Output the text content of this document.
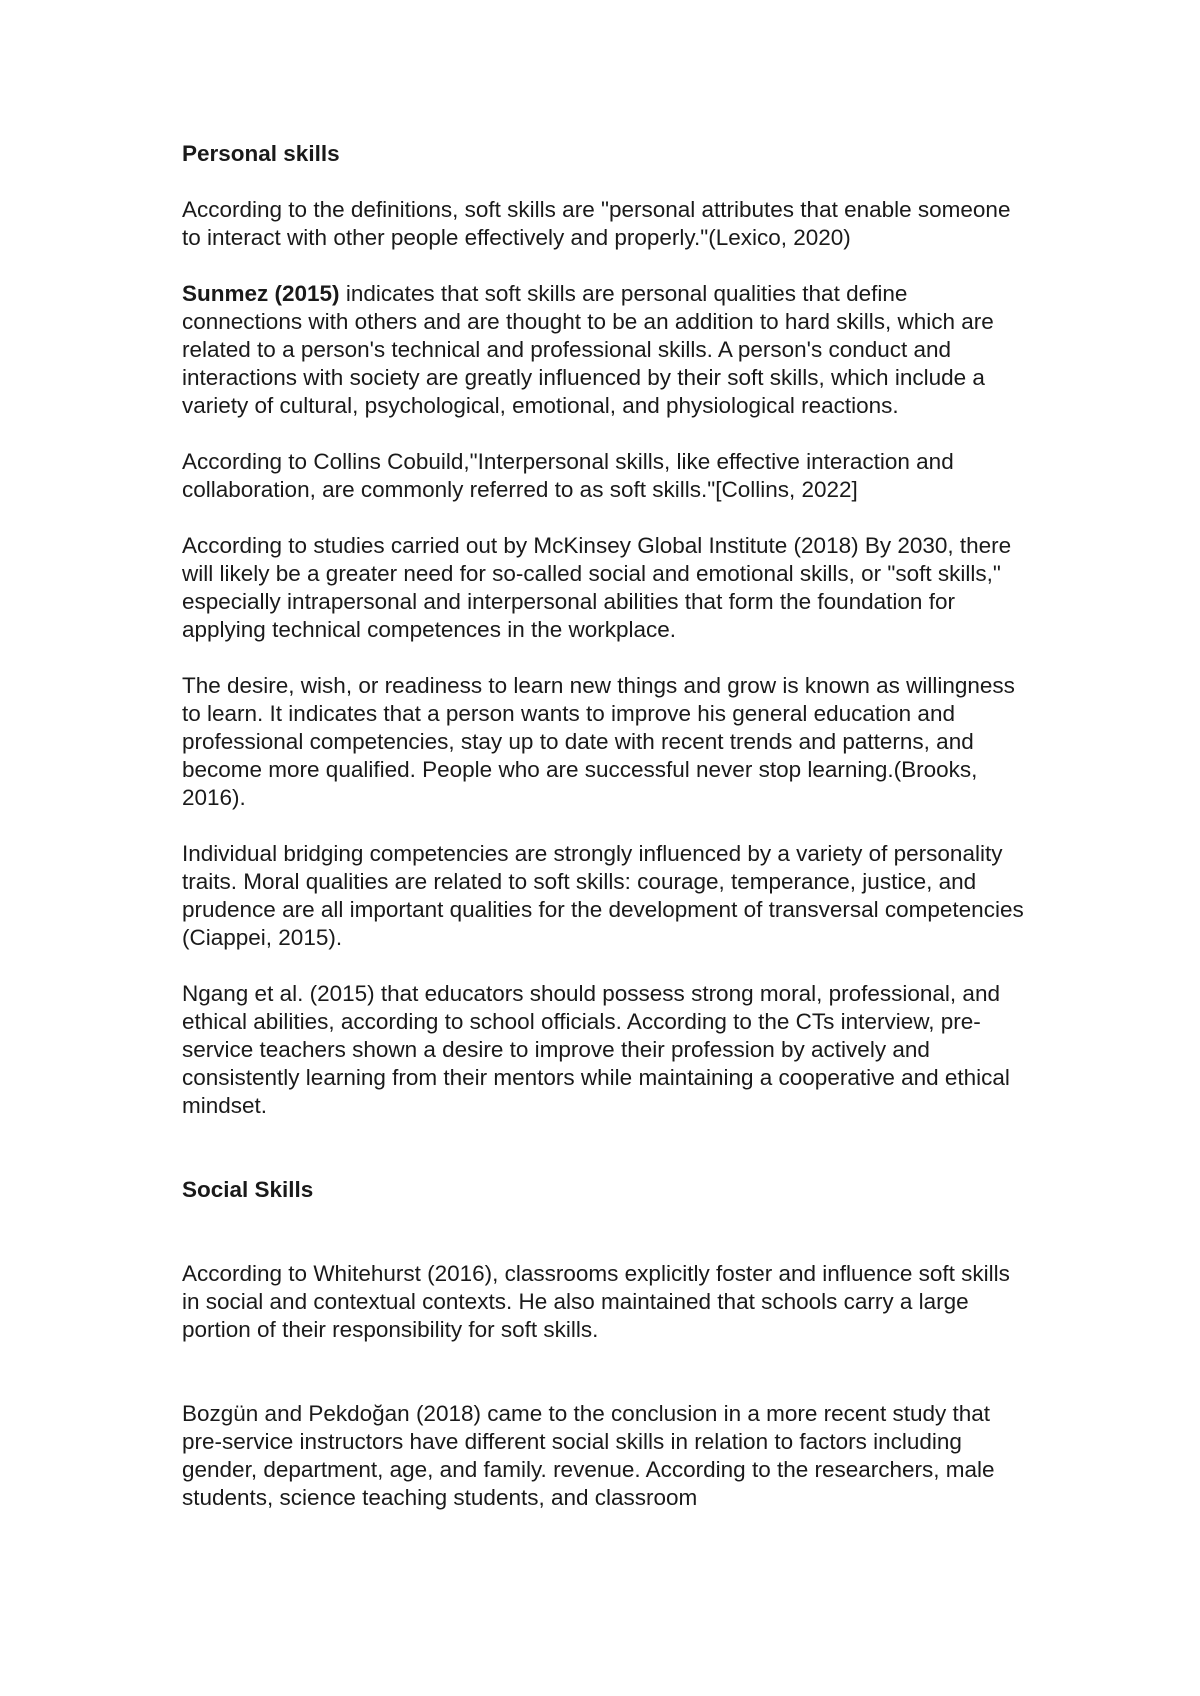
Personal skills

According to the definitions, soft skills are "personal attributes that enable someone to interact with other people effectively and properly."(Lexico, 2020)

Sunmez (2015) indicates that soft skills are personal qualities that define connections with others and are thought to be an addition to hard skills, which are related to a person's technical and professional skills. A person's conduct and interactions with society are greatly influenced by their soft skills, which include a variety of cultural, psychological, emotional, and physiological reactions.

According to Collins Cobuild,"Interpersonal skills, like effective interaction and collaboration, are commonly referred to as soft skills."[Collins, 2022]

According to studies carried out by McKinsey Global Institute (2018) By 2030, there will likely be a greater need for so-called social and emotional skills, or "soft skills," especially intrapersonal and interpersonal abilities that form the foundation for applying technical competences in the workplace.

The desire, wish, or readiness to learn new things and grow is known as willingness to learn. It indicates that a person wants to improve his general education and professional competencies, stay up to date with recent trends and patterns, and become more qualified. People who are successful never stop learning.(Brooks, 2016).

Individual bridging competencies are strongly influenced by a variety of personality traits. Moral qualities are related to soft skills: courage, temperance, justice, and prudence are all important qualities for the development of transversal competencies (Ciappei, 2015).

Ngang et al. (2015) that educators should possess strong moral, professional, and ethical abilities, according to school officials. According to the CTs interview, pre-service teachers shown a desire to improve their profession by actively and consistently learning from their mentors while maintaining a cooperative and ethical mindset.

Social Skills

According to Whitehurst (2016), classrooms explicitly foster and influence soft skills in social and contextual contexts. He also maintained that schools carry a large portion of their responsibility for soft skills.

Bozgün and Pekdoğan (2018) came to the conclusion in a more recent study that pre-service instructors have different social skills in relation to factors including gender, department, age, and family. revenue. According to the researchers, male students, science teaching students, and classroom
